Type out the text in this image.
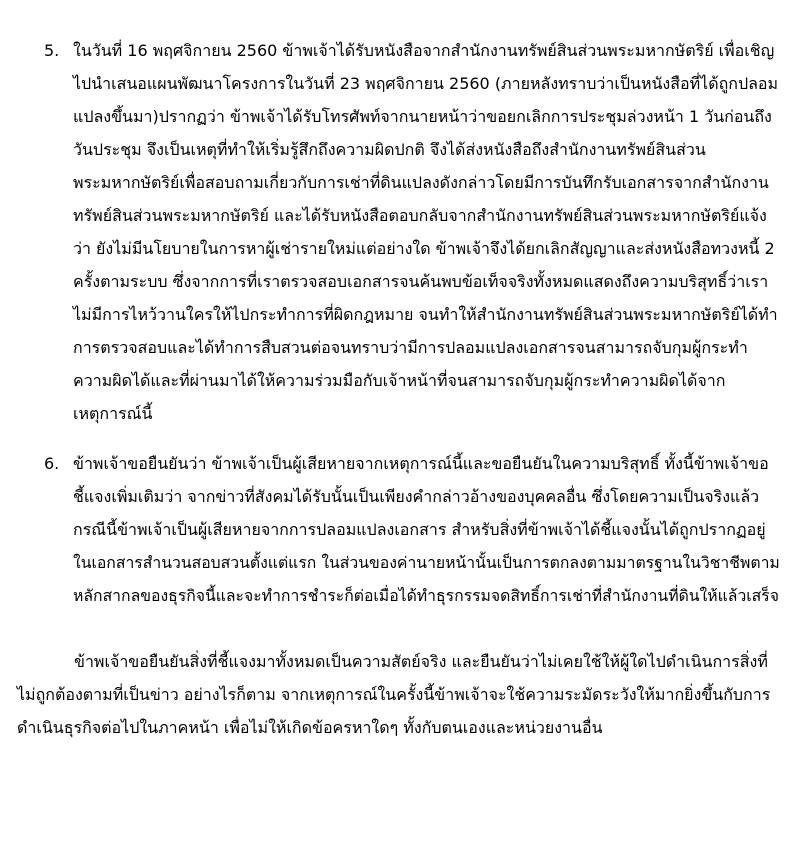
5. ในวันที่ 16 พฤศจิกายน 2560 ข้าพเจ้าได้รับหนังสือจากสำนักงานทรัพย์สินส่วนพระมหากษัตริย์ เพื่อเชิญ
ไปนำเสนอแผนพัฒนาโครงการในวันที่ 23 พฤศจิกายน 2560 (ภายหลังทราบว่าเป็นหนังสือที่ได้ถูกปลอม
แปลงขึ้นมา)ปรากฏว่า ข้าพเจ้าได้รับโทรศัพท์จากนายหน้าว่าขอยกเลิกการประชุมล่วงหน้า 1 วันก่อนถึง
วันประชุม จึงเป็นเหตุที่ทำให้เริ่มรู้สึกถึงความผิดปกติ จึงได้ส่งหนังสือถึงสำนักงานทรัพย์สินส่วน
พระมหากษัตริย์เพื่อสอบถามเกี่ยวกับการเช่าที่ดินแปลงดังกล่าวโดยมีการบันทึกรับเอกสารจากสำนักงาน
ทรัพย์สินส่วนพระมหากษัตริย์ และได้รับหนังสือตอบกลับจากสำนักงานทรัพย์สินส่วนพระมหากษัตริย์แจ้ง
ว่า ยังไม่มีนโยบายในการหาผู้เช่ารายใหม่แต่อย่างใด ข้าพเจ้าจึงได้ยกเลิกสัญญาและส่งหนังสือทวงหนี้ 2
ครั้งตามระบบ ซึ่งจากการที่เราตรวจสอบเอกสารจนค้นพบข้อเท็จจริงทั้งหมดแสดงถึงความบริสุทธิ์ว่าเรา
ไม่มีการไหว้วานใครให้ไปกระทำการที่ผิดกฎหมาย จนทำให้สำนักงานทรัพย์สินส่วนพระมหากษัตริย์ได้ทำ
การตรวจสอบและได้ทำการสืบสวนต่อจนทราบว่ามีการปลอมแปลงเอกสารจนสามารถจับกุมผู้กระทำ
ความผิดได้และที่ผ่านมาได้ให้ความร่วมมือกับเจ้าหน้าที่จนสามารถจับกุมผู้กระทำความผิดได้จาก
เหตุการณ์นี้
6. ข้าพเจ้าขอยืนยันว่า ข้าพเจ้าเป็นผู้เสียหายจากเหตุการณ์นี้และขอยืนยันในความบริสุทธิ์ ทั้งนี้ข้าพเจ้าขอ
ชี้แจงเพิ่มเติมว่า จากข่าวที่สังคมได้รับนั้นเป็นเพียงคำกล่าวอ้างของบุคคลอื่น ซึ่งโดยความเป็นจริงแล้ว
กรณีนี้ข้าพเจ้าเป็นผู้เสียหายจากการปลอมแปลงเอกสาร สำหรับสิ่งที่ข้าพเจ้าได้ชี้แจงนั้นได้ถูกปรากฏอยู่
ในเอกสารสำนวนสอบสวนตั้งแต่แรก ในส่วนของค่านายหน้านั้นเป็นการตกลงตามมาตรฐานในวิชาชีพตาม
หลักสากลของธุรกิจนี้และจะทำการชำระก็ต่อเมื่อได้ทำธุรกรรมจดสิทธิ์การเช่าที่สำนักงานที่ดินให้แล้วเสร็จ
ข้าพเจ้าขอยืนยันสิ่งที่ชี้แจงมาทั้งหมดเป็นความสัตย์จริง และยืนยันว่าไม่เคยใช้ให้ผู้ใดไปดำเนินการสิ่งที่
ไม่ถูกต้องตามที่เป็นข่าว อย่างไรก็ตาม จากเหตุการณ์ในครั้งนี้ข้าพเจ้าจะใช้ความระมัดระวังให้มากยิ่งขึ้นกับการ
ดำเนินธุรกิจต่อไปในภาคหน้า เพื่อไม่ให้เกิดข้อครหาใดๆ ทั้งกับตนเองและหน่วยงานอื่น
